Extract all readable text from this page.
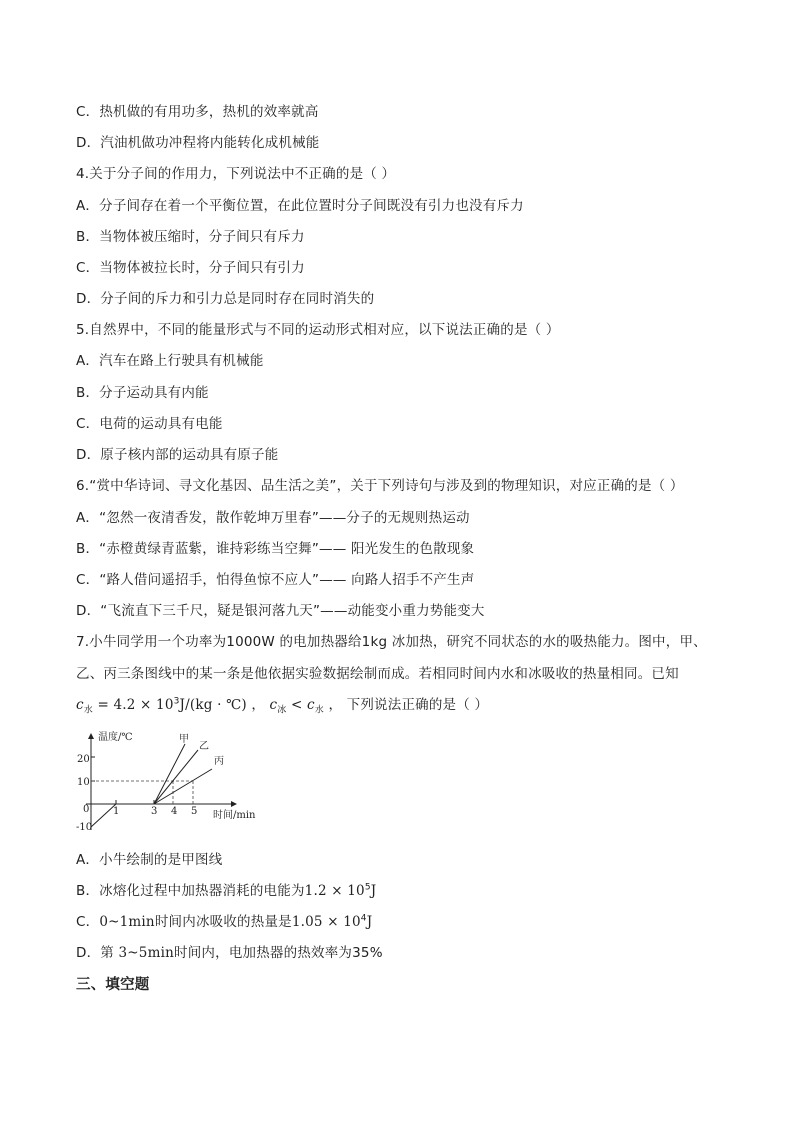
C．热机做的有用功多，热机的效率就高
D．汽油机做功冲程将内能转化成机械能
4.关于分子间的作用力，下列说法中不正确的是（ ）
A．分子间存在着一个平衡位置，在此位置时分子间既没有引力也没有斥力
B．当物体被压缩时，分子间只有斥力
C．当物体被拉长时，分子间只有引力
D．分子间的斥力和引力总是同时存在同时消失的
5.自然界中，不同的能量形式与不同的运动形式相对应，以下说法正确的是（ ）
A．汽车在路上行驶具有机械能
B．分子运动具有内能
C．电荷的运动具有电能
D．原子核内部的运动具有原子能
6.“赏中华诗词、寻文化基因、品生活之美”，关于下列诗句与涉及到的物理知识，对应正确的是（ ）
A．“忽然一夜清香发，散作乾坤万里春”——分子的无规则热运动
B．“赤橙黄绿青蓝紫，谁持彩练当空舞”—— 阳光发生的色散现象
C．“路人借问遥招手，怕得鱼惊不应人”—— 向路人招手不产生声
D．“飞流直下三千尺，疑是银河落九天”——动能变小重力势能变大
7.小牛同学用一个功率为1000W 的电加热器给1kg 冰加热，研究不同状态的水的吸热能力。图中，甲、
乙、丙三条图线中的某一条是他依据实验数据绘制而成。若相同时间内水和冰吸收的热量相同。已知
$c_水 = 4.2 \times 10^3J/(kg$ · ℃) ， $c_冰 < c_水$ ， 下列说法正确的是（ ）
温度/℃
时间/min
20
10
0
-10
1	3 4 5
甲
乙
丙
A．小牛绘制的是甲图线
B．冰熔化过程中加热器消耗的电能为$1.2 \times 10^5J$
C．0~1min时间内冰吸收的热量是$1.05 \times 10^4J$
D．第 3~5min时间内，电加热器的热效率为35%
三、填空题
